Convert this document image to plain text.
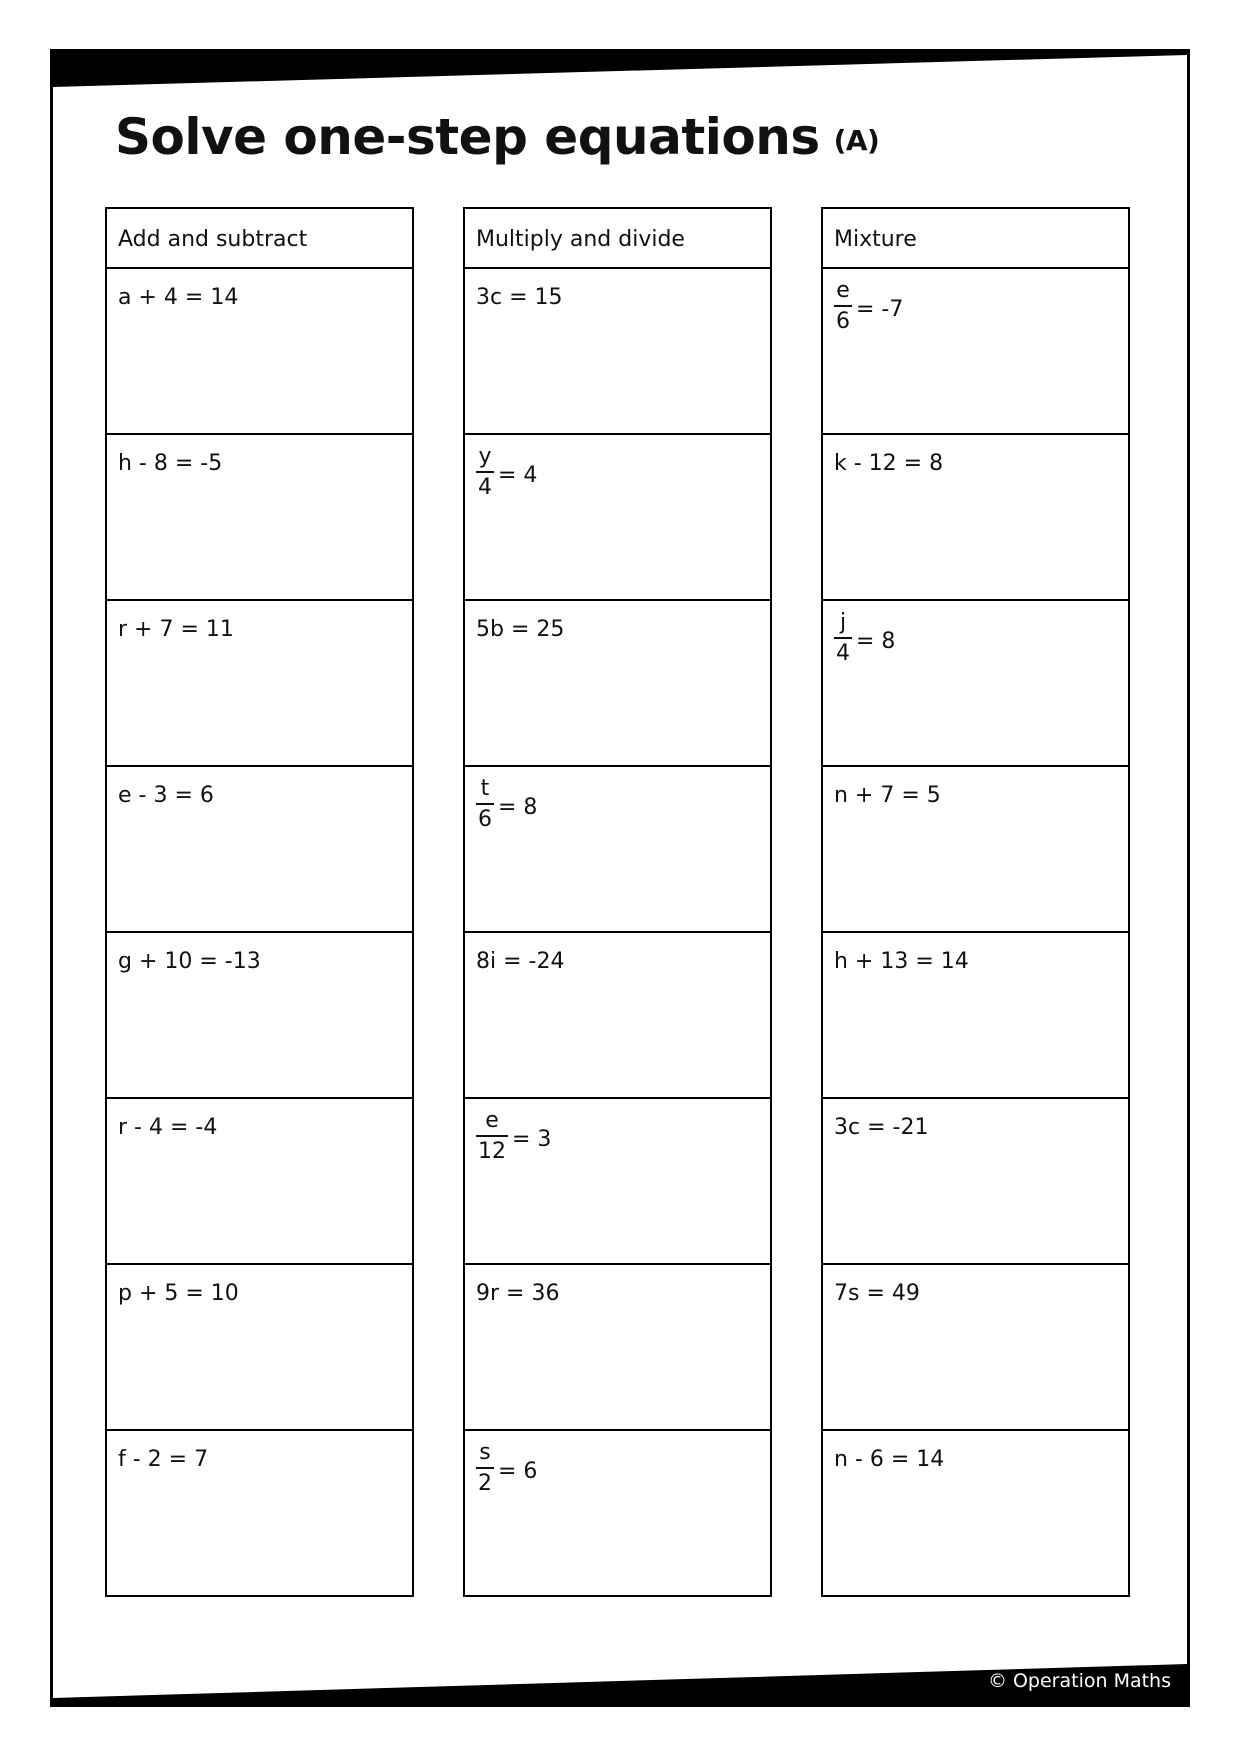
Solve one-step equations (A)
Add and subtract
a + 4 = 14
h - 8 = -5
r + 7 = 11
e - 3 = 6
g + 10 = -13
r - 4 = -4
p + 5 = 10
f - 2 = 7
Multiply and divide
3c = 15
$\frac{y}{4} = 4$
5b = 25
$\frac{t}{6} = 8$
8i = -24
$\frac{e}{12} = 3$
9r = 36
$\frac{s}{2} = 6$
Mixture
$\frac{e}{6} = -7$
k - 12 = 8
$\frac{j}{4} = 8$
n + 7 = 5
h + 13 = 14
3c = -21
7s = 49
n - 6 = 14
© Operation Maths
